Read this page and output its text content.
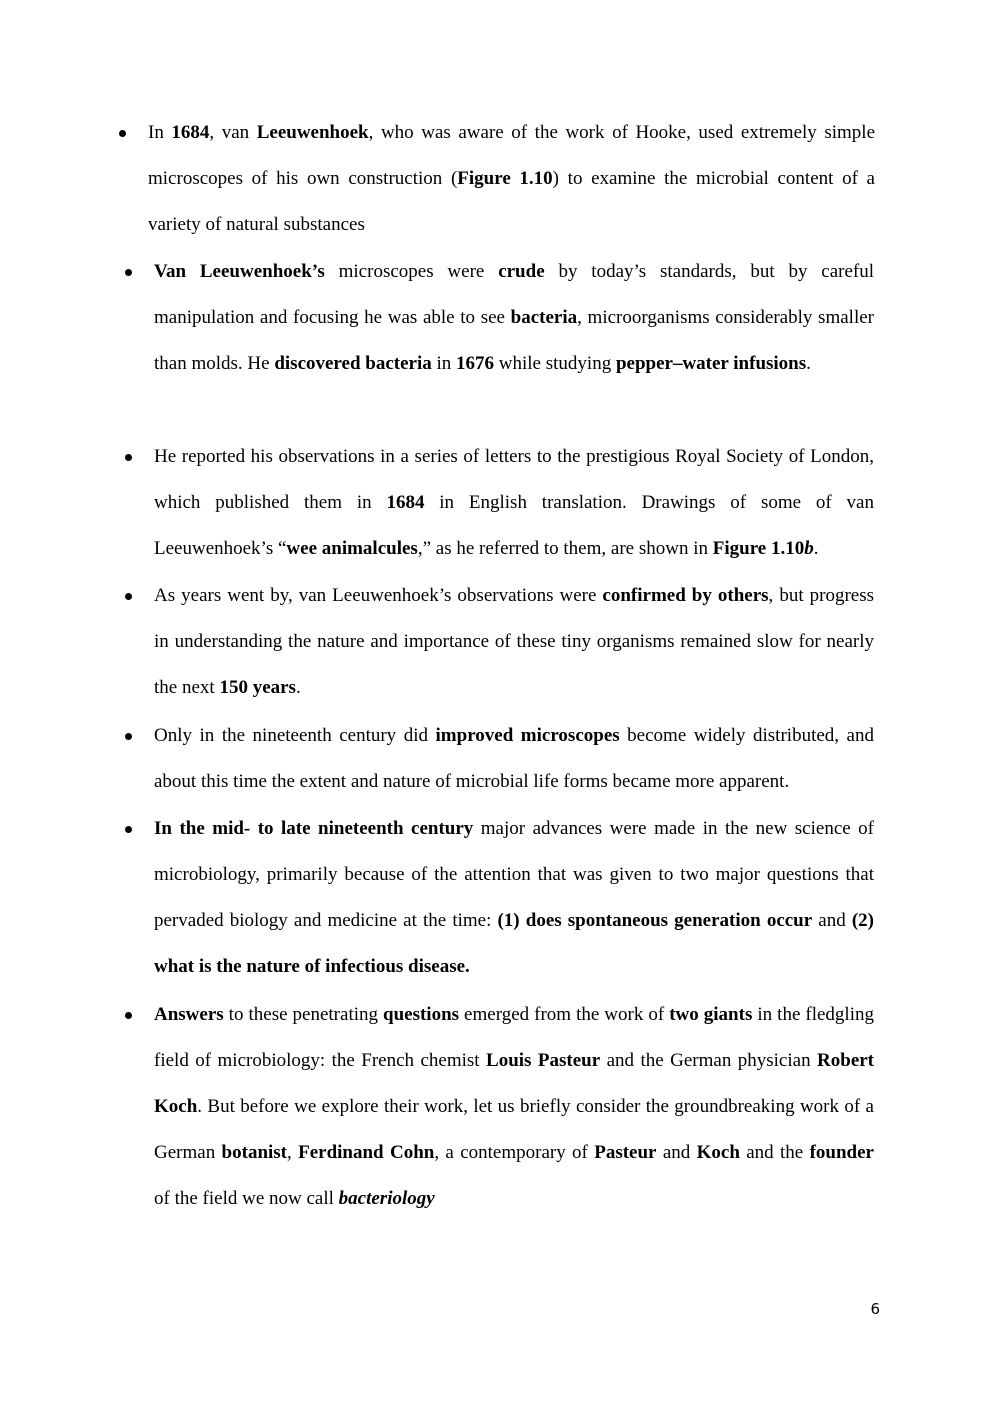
In 1684, van Leeuwenhoek, who was aware of the work of Hooke, used extremely simple microscopes of his own construction (Figure 1.10) to examine the microbial content of a variety of natural substances

Van Leeuwenhoek’s microscopes were crude by today’s standards, but by careful manipulation and focusing he was able to see bacteria, microorganisms considerably smaller than molds. He discovered bacteria in 1676 while studying pepper–water infusions.

He reported his observations in a series of letters to the prestigious Royal Society of London, which published them in 1684 in English translation. Drawings of some of van Leeuwenhoek’s “wee animalcules,” as he referred to them, are shown in Figure 1.10b.

As years went by, van Leeuwenhoek’s observations were confirmed by others, but progress in understanding the nature and importance of these tiny organisms remained slow for nearly the next 150 years.

Only in the nineteenth century did improved microscopes become widely distributed, and about this time the extent and nature of microbial life forms became more apparent.

In the mid- to late nineteenth century major advances were made in the new science of microbiology, primarily because of the attention that was given to two major questions that pervaded biology and medicine at the time: (1) does spontaneous generation occur and (2) what is the nature of infectious disease.

Answers to these penetrating questions emerged from the work of two giants in the fledgling field of microbiology: the French chemist Louis Pasteur and the German physician Robert Koch. But before we explore their work, let us briefly consider the groundbreaking work of a German botanist, Ferdinand Cohn, a contemporary of Pasteur and Koch and the founder of the field we now call bacteriology

6
